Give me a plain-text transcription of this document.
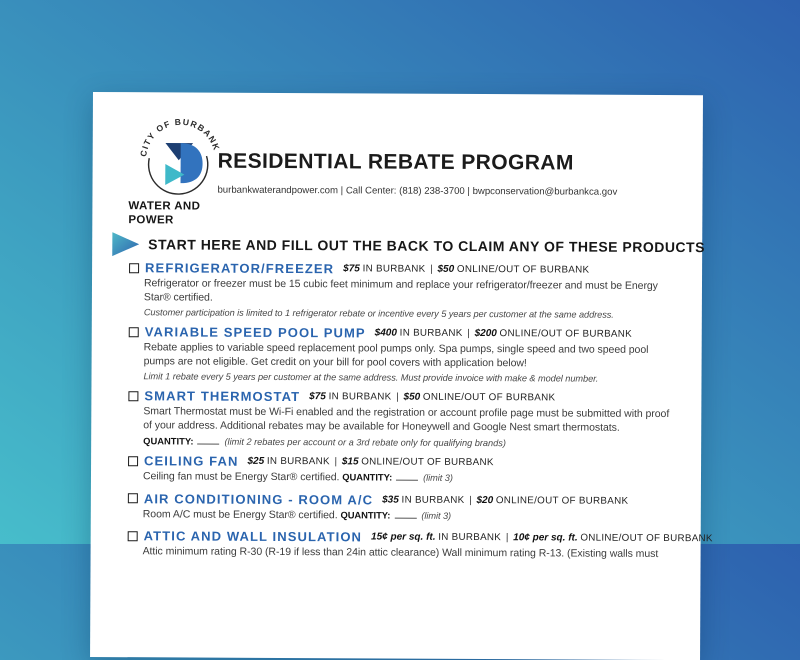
CITY OF BURBANK
WATER AND
POWER
RESIDENTIAL REBATE PROGRAM
burbankwaterandpower.com | Call Center: (818) 238-3700 | bwpconservation@burbankca.gov
START HERE AND FILL OUT THE BACK TO CLAIM ANY OF THESE PRODUCTS
REFRIGERATOR/FREEZER $75 IN BURBANK | $50 ONLINE/OUT OF BURBANK

Refrigerator or freezer must be 15 cubic feet minimum and replace your refrigerator/freezer and must be Energy Star® certified.

Customer participation is limited to 1 refrigerator rebate or incentive every 5 years per customer at the same address.

VARIABLE SPEED POOL PUMP $400 IN BURBANK | $200 ONLINE/OUT OF BURBANK

Rebate applies to variable speed replacement pool pumps only. Spa pumps, single speed and two speed pool pumps are not eligible. Get credit on your bill for pool covers with application below!

Limit 1 rebate every 5 years per customer at the same address. Must provide invoice with make & model number.

SMART THERMOSTAT $75 IN BURBANK | $50 ONLINE/OUT OF BURBANK

Smart Thermostat must be Wi-Fi enabled and the registration or account profile page must be submitted with proof of your address. Additional rebates may be available for Honeywell and Google Nest smart thermostats.

QUANTITY:	(limit 2 rebates per account or a 3rd rebate only for qualifying brands)
CEILING FAN $25 IN BURBANK | $15 ONLINE/OUT OF BURBANK

Ceiling fan must be Energy Star® certified. QUANTITY:	(limit 3)

AIR CONDITIONING - ROOM A/C $35 IN BURBANK | $20 ONLINE/OUT OF BURBANK

Room A/C must be Energy Star® certified. QUANTITY:	(limit 3)

ATTIC AND WALL INSULATION 15¢ per sq. ft. IN BURBANK | 10¢ per sq. ft. ONLINE/OUT OF BURBANK

Attic minimum rating R-30 (R-19 if less than 24in attic clearance) Wall minimum rating R-13. (Existing walls must
